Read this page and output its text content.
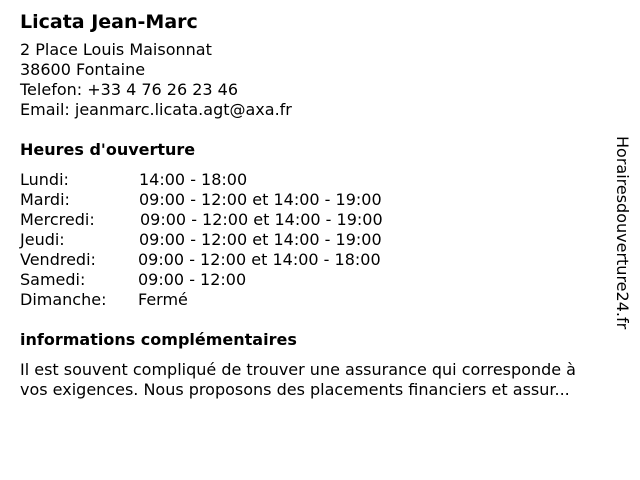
Licata Jean-Marc
2 Place Louis Maisonnat
38600 Fontaine
Telefon: +33 4 76 26 23 46
Email: jeanmarc.licata.agt@axa.fr
Heures d'ouverture
Lundi:	14:00 - 18:00
Mardi:	09:00 - 12:00 et 14:00 - 19:00
Mercredi:	09:00 - 12:00 et 14:00 - 19:00
Jeudi:	09:00 - 12:00 et 14:00 - 19:00
Vendredi:	09:00 - 12:00 et 14:00 - 18:00
Samedi:	09:00 - 12:00
Dimanche:	Fermé
informations complémentaires
Il est souvent compliqué de trouver une assurance qui corresponde à
vos exigences. Nous proposons des placements financiers et assur...
Horairesdouverture24.fr
